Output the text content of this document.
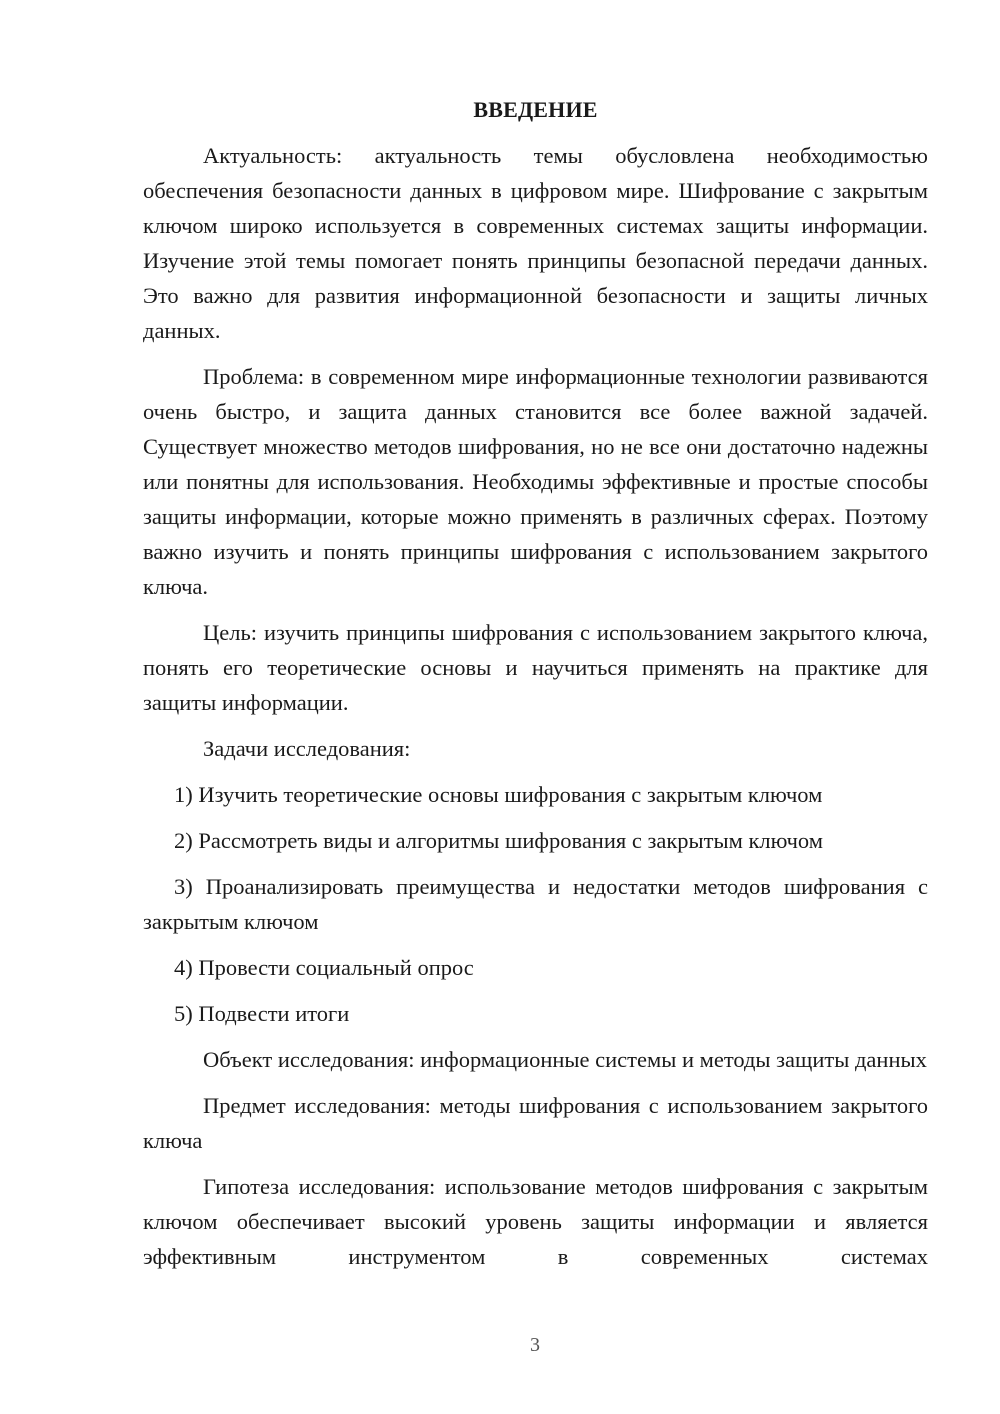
ВВЕДЕНИЕ

Актуальность: актуальность темы обусловлена необходимостью обеспечения безопасности данных в цифровом мире. Шифрование с закрытым ключом широко используется в современных системах защиты информации. Изучение этой темы помогает понять принципы безопасной передачи данных. Это важно для развития информационной безопасности и защиты личных данных.

Проблема: в современном мире информационные технологии развиваются очень быстро, и защита данных становится все более важной задачей. Существует множество методов шифрования, но не все они достаточно надежны или понятны для использования. Необходимы эффективные и простые способы защиты информации, которые можно применять в различных сферах. Поэтому важно изучить и понять принципы шифрования с использованием закрытого ключа.

Цель: изучить принципы шифрования с использованием закрытого ключа, понять его теоретические основы и научиться применять на практике для защиты информации.

Задачи исследования:

1) Изучить теоретические основы шифрования с закрытым ключом

2) Рассмотреть виды и алгоритмы шифрования с закрытым ключом

3) Проанализировать преимущества и недостатки методов шифрования с закрытым ключом

4) Провести социальный опрос

5) Подвести итоги

Объект исследования: информационные системы и методы защиты данных

Предмет исследования: методы шифрования с использованием закрытого ключа

Гипотеза исследования: использование методов шифрования с закрытым ключом обеспечивает высокий уровень защиты информации и является эффективным инструментом в современных системах

3
